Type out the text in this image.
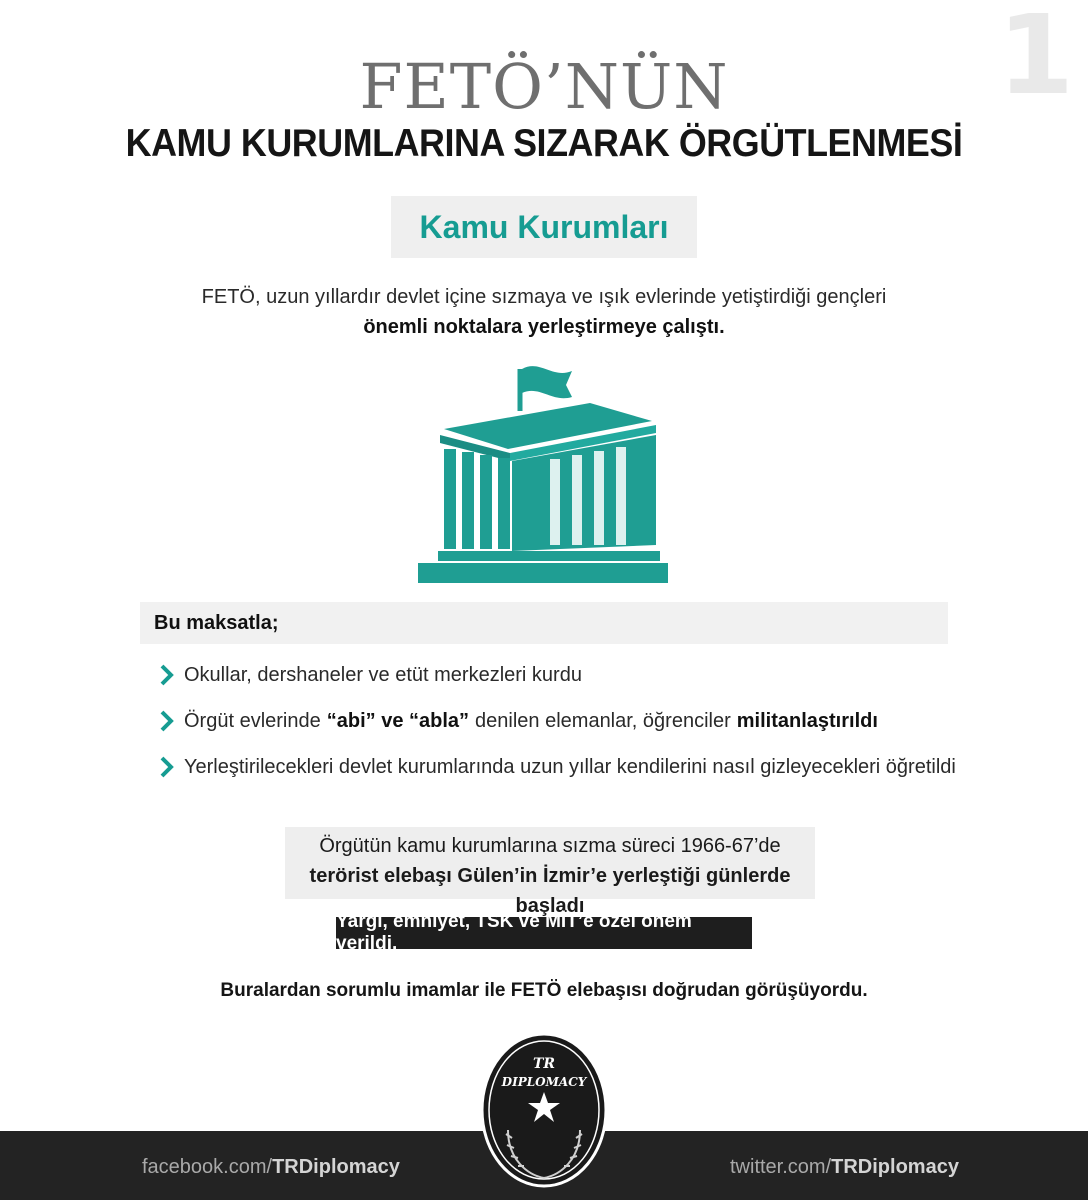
1
FETÖ’NÜN
KAMU KURUMLARINA SIZARAK ÖRGÜTLENMESİ
Kamu Kurumları
FETÖ, uzun yıllardır devlet içine sızmaya ve ışık evlerinde yetiştirdiği gençleri
önemli noktalara yerleştirmeye çalıştı.
Bu maksatla;
Okullar, dershaneler ve etüt merkezleri kurdu
Örgüt evlerinde “abi” ve “abla” denilen elemanlar, öğrenciler militanlaştırıldı
Yerleştirilecekleri devlet kurumlarında uzun yıllar kendilerini nasıl gizleyecekleri öğretildi
Örgütün kamu kurumlarına sızma süreci 1966-67’de
terörist elebaşı Gülen’in İzmir’e yerleştiği günlerde başladı
Yargı, emniyet, TSK ve MİT’e özel önem verildi.
Buralardan sorumlu imamlar ile FETÖ elebaşısı doğrudan görüşüyordu.
facebook.com/TRDiplomacy	twitter.com/TRDiplomacy
TR
DIPLOMACY
